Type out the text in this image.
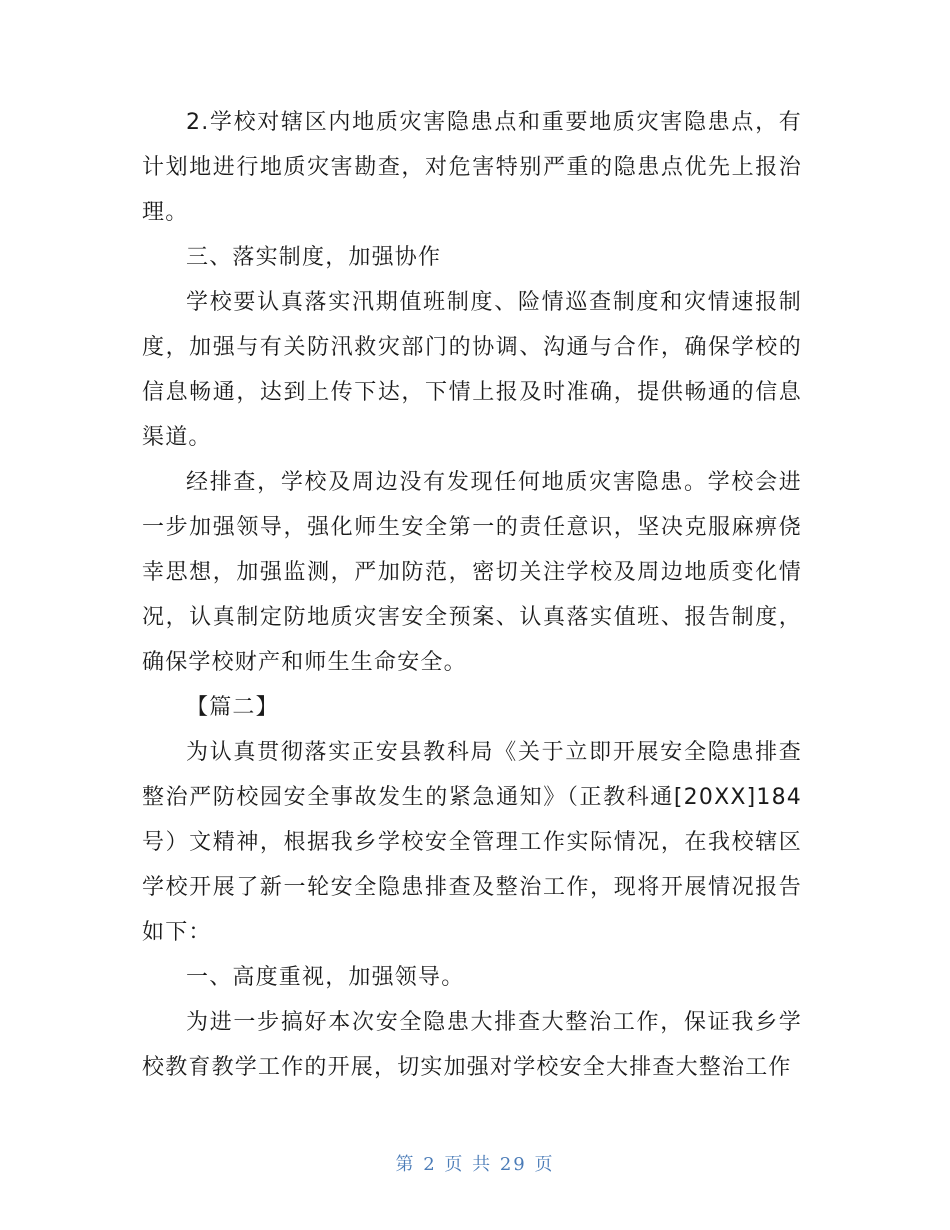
2.学校对辖区内地质灾害隐患点和重要地质灾害隐患点，有计划地进行地质灾害勘查，对危害特别严重的隐患点优先上报治理。

三、落实制度，加强协作

学校要认真落实汛期值班制度、险情巡查制度和灾情速报制度，加强与有关防汛救灾部门的协调、沟通与合作，确保学校的信息畅通，达到上传下达，下情上报及时准确，提供畅通的信息渠道。

经排查，学校及周边没有发现任何地质灾害隐患。学校会进一步加强领导，强化师生安全第一的责任意识，坚决克服麻痹侥幸思想，加强监测，严加防范，密切关注学校及周边地质变化情况，认真制定防地质灾害安全预案、认真落实值班、报告制度，确保学校财产和师生生命安全。

【篇二】

为认真贯彻落实正安县教科局《关于立即开展安全隐患排查整治严防校园安全事故发生的紧急通知》（正教科通[20XX]184号）文精神，根据我乡学校安全管理工作实际情况，在我校辖区学校开展了新一轮安全隐患排查及整治工作，现将开展情况报告如下：

一、高度重视，加强领导。

为进一步搞好本次安全隐患大排查大整治工作，保证我乡学校教育教学工作的开展，切实加强对学校安全大排查大整治工作

第 2 页 共 29 页
